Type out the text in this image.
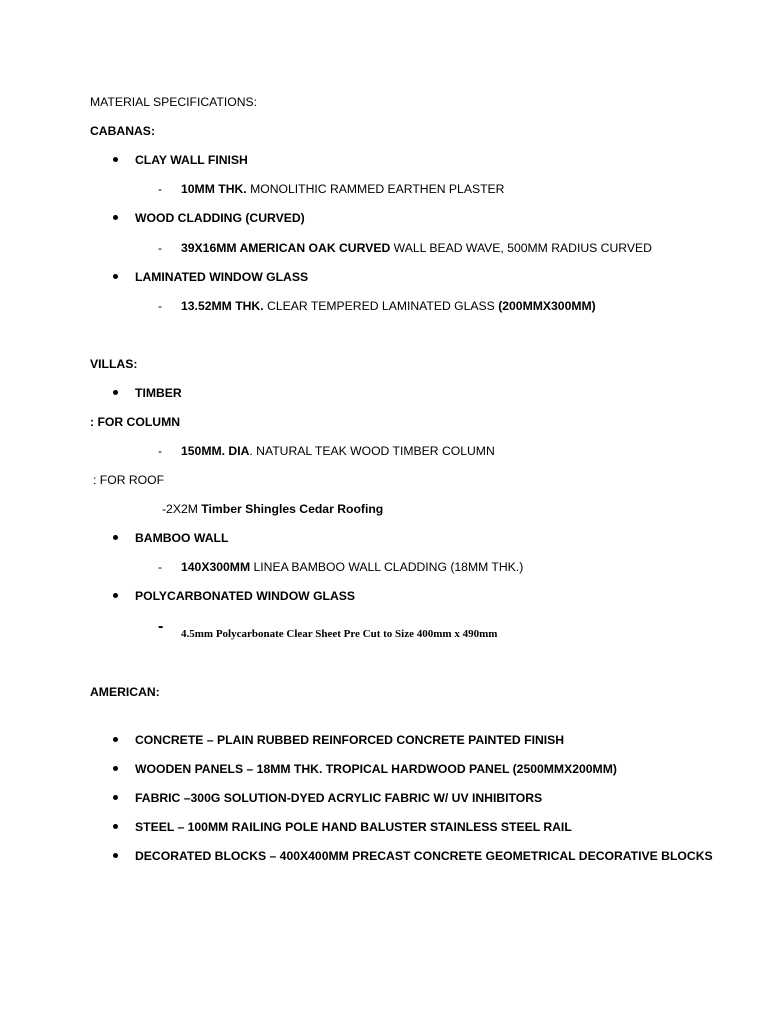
MATERIAL SPECIFICATIONS:
CABANAS:
CLAY WALL FINISH
- 10MM THK. MONOLITHIC RAMMED EARTHEN PLASTER
WOOD CLADDING (CURVED)
- 39X16MM AMERICAN OAK CURVED WALL BEAD WAVE, 500MM RADIUS CURVED
LAMINATED WINDOW GLASS
- 13.52MM THK. CLEAR TEMPERED LAMINATED GLASS (200MMX300MM)
VILLAS:
TIMBER
: FOR COLUMN
- 150MM. DIA. NATURAL TEAK WOOD TIMBER COLUMN
: FOR ROOF
-2X2M Timber Shingles Cedar Roofing
BAMBOO WALL
- 140X300MM LINEA BAMBOO WALL CLADDING (18MM THK.)
POLYCARBONATED WINDOW GLASS
- 4.5mm Polycarbonate Clear Sheet Pre Cut to Size 400mm x 490mm
AMERICAN:
CONCRETE – PLAIN RUBBED REINFORCED CONCRETE PAINTED FINISH
WOODEN PANELS – 18MM THK. TROPICAL HARDWOOD PANEL (2500MMX200MM)
FABRIC –300G SOLUTION-DYED ACRYLIC FABRIC W/ UV INHIBITORS
STEEL – 100MM RAILING POLE HAND BALUSTER STAINLESS STEEL RAIL
DECORATED BLOCKS – 400X400MM PRECAST CONCRETE GEOMETRICAL DECORATIVE BLOCKS
